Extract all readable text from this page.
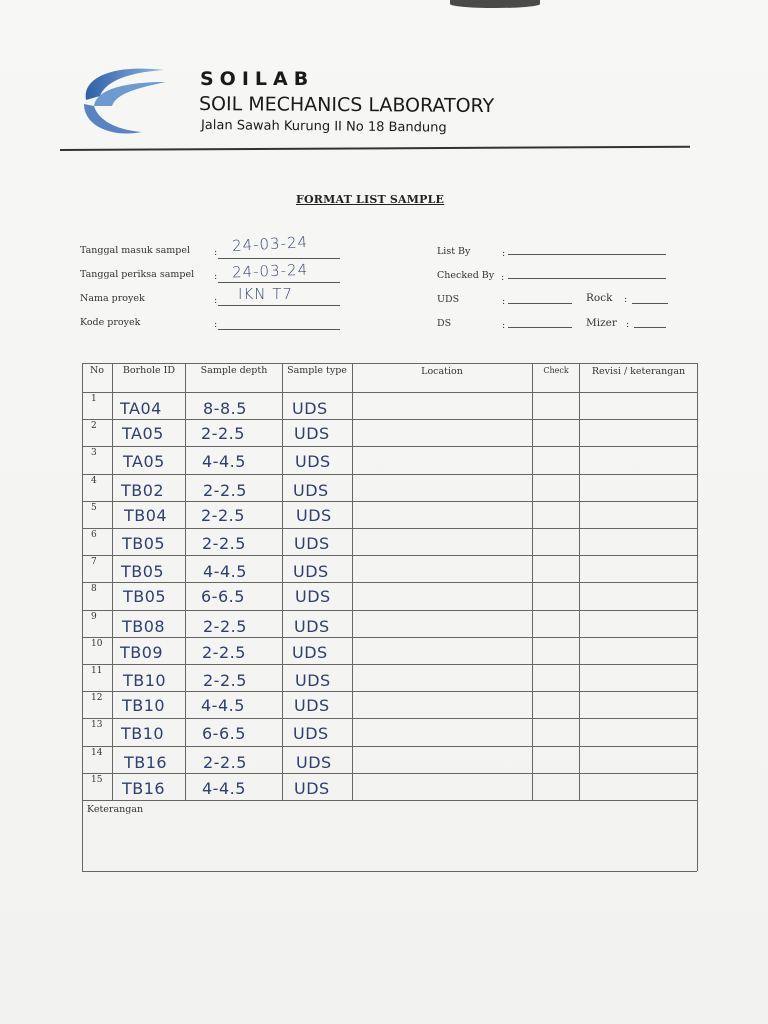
SOILAB
SOIL MECHANICS LABORATORY
Jalan Sawah Kurung II No 18 Bandung
FORMAT LIST SAMPLE
Tanggal masuk sampel	: 24-03-24
Tanggal periksa sampel : 24-03-24
Nama proyek	: IKN T7
Kode proyek	:
List By	:
Checked By :
UDS	:	Rock :
DS	:	Mizer :
No	Borhole ID	Sample depth	Sample type	Location	Check	Revisi / keterangan
1 TA04	8-8.5	UDS
2 TA05 2-2.5	UDS
3 TA05 4-4.5	UDS
4 TB02 2-2.5	UDS
5 TB04 2-2.5	UDS
6 TB05 2-2.5	UDS
7 TB05 4-4.5	UDS
8 TB05 6-6.5	UDS
9 TB08 2-2.5	UDS
10 TB09 2-2.5	UDS
11 TB10 2-2.5	UDS
12 TB10 4-4.5	UDS
13 TB10 6-6.5	UDS
14 TB16 2-2.5	UDS
15 TB16 4-4.5	UDS
Keterangan
